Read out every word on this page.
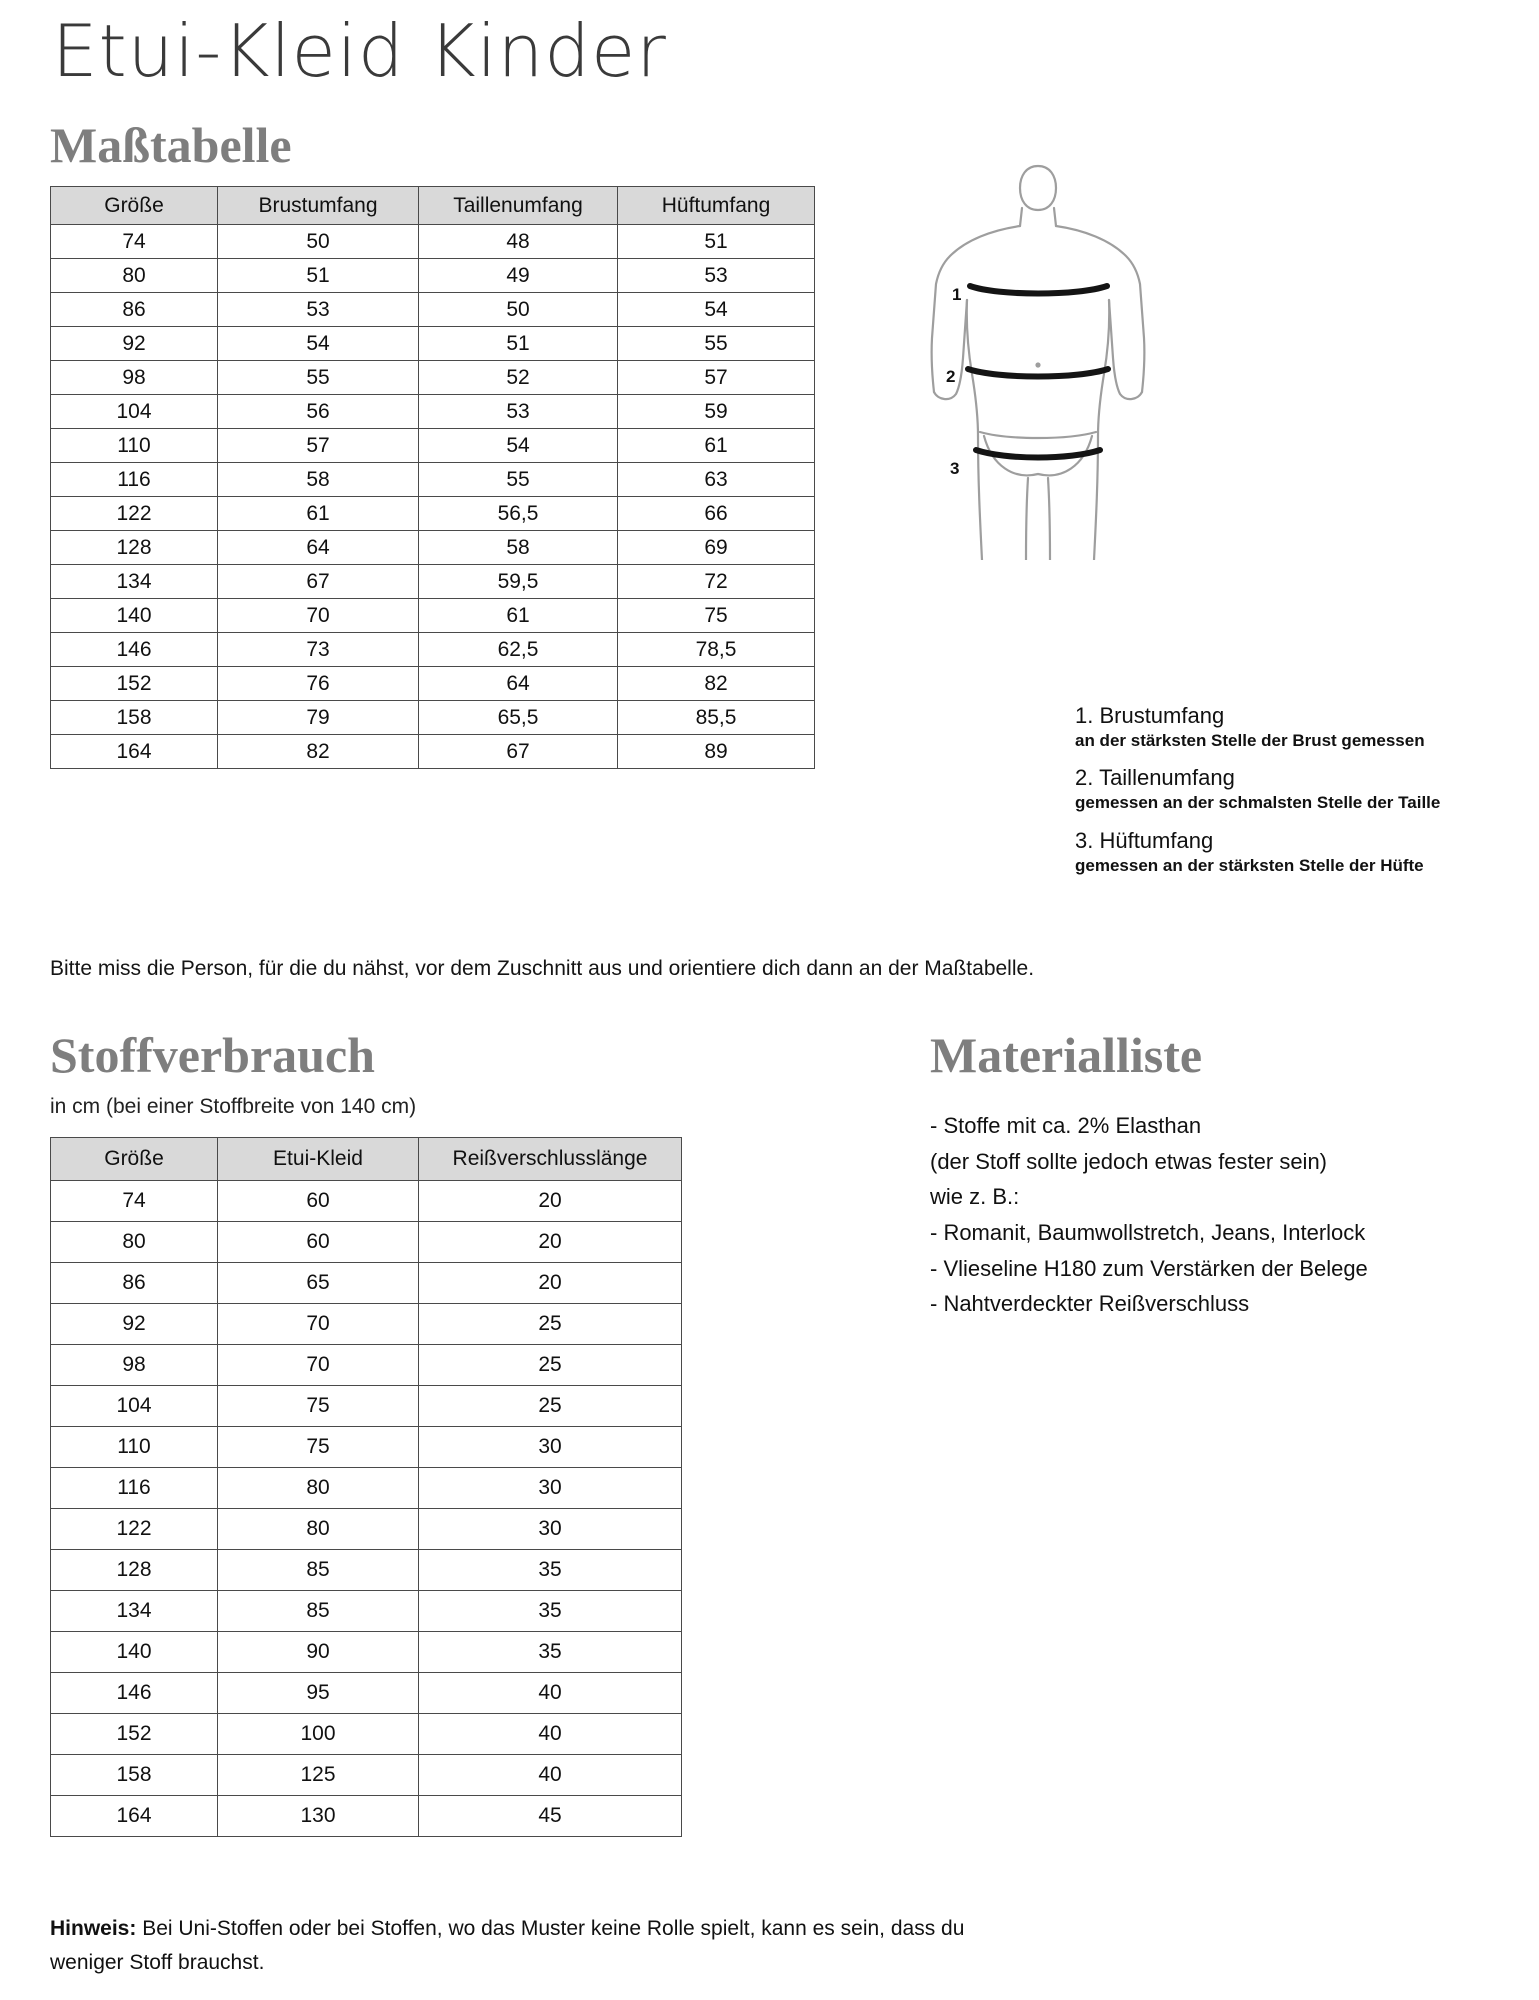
Etui-Kleid Kinder
Maßtabelle
Größe	Brustumfang	Taillenumfang	Hüftumfang
74	50	48	51
80	51	49	53
86	53	50	54
92	54	51	55
98	55	52	57
104	56	53	59
110	57	54	61
116	58	55	63
122	61	56,5	66
128	64	58	69
134	67	59,5	72
140	70	61	75
146	73	62,5	78,5
152	76	64	82
158	79	65,5	85,5
164	82	67	89
1
2
3
1. Brustumfang
an der stärksten Stelle der Brust gemessen
2. Taillenumfang
gemessen an der schmalsten Stelle der Taille
3. Hüftumfang
gemessen an der stärksten Stelle der Hüfte
Bitte miss die Person, für die du nähst, vor dem Zuschnitt aus und orientiere dich dann an der Maßtabelle.
Stoffverbrauch
in cm (bei einer Stoffbreite von 140 cm)
Größe	Etui-Kleid	Reißverschlusslänge
74	60	20
80	60	20
86	65	20
92	70	25
98	70	25
104	75	25
110	75	30
116	80	30
122	80	30
128	85	35
134	85	35
140	90	35
146	95	40
152	100	40
158	125	40
164	130	45
Materialliste
- Stoffe mit ca. 2% Elasthan
(der Stoff sollte jedoch etwas fester sein)
wie z. B.:
- Romanit, Baumwollstretch, Jeans, Interlock
- Vlieseline H180 zum Verstärken der Belege
- Nahtverdeckter Reißverschluss
Hinweis: Bei Uni-Stoffen oder bei Stoffen, wo das Muster keine Rolle spielt, kann es sein, dass du weniger Stoff brauchst.
